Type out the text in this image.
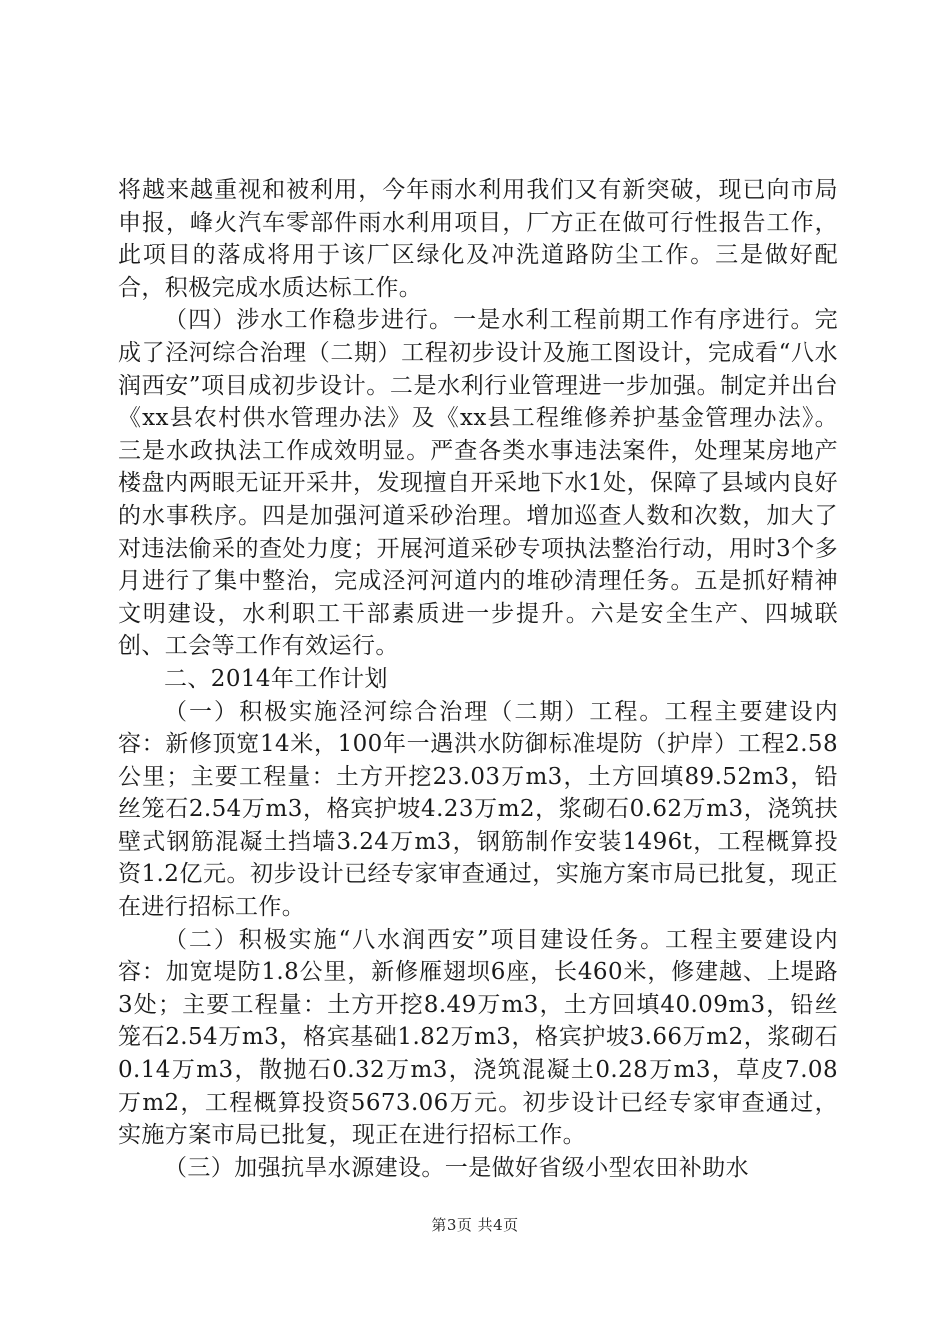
将越来越重视和被利用，今年雨水利用我们又有新突破，现已向市局申报，峰火汽车零部件雨水利用项目，厂方正在做可行性报告工作，此项目的落成将用于该厂区绿化及冲洗道路防尘工作。三是做好配合，积极完成水质达标工作。

（四）涉水工作稳步进行。一是水利工程前期工作有序进行。完成了泾河综合治理（二期）工程初步设计及施工图设计，完成看“八水润西安”项目成初步设计。二是水利行业管理进一步加强。制定并出台《xx县农村供水管理办法》及《xx县工程维修养护基金管理办法》。三是水政执法工作成效明显。严查各类水事违法案件，处理某房地产楼盘内两眼无证开采井，发现擅自开采地下水1处，保障了县域内良好的水事秩序。四是加强河道采砂治理。增加巡查人数和次数，加大了对违法偷采的查处力度；开展河道采砂专项执法整治行动，用时3个多月进行了集中整治，完成泾河河道内的堆砂清理任务。五是抓好精神文明建设，水利职工干部素质进一步提升。六是安全生产、四城联创、工会等工作有效运行。

二、2014年工作计划

（一）积极实施泾河综合治理（二期）工程。工程主要建设内容：新修顶宽14米，100年一遇洪水防御标准堤防（护岸）工程2.58公里；主要工程量：土方开挖23.03万m3，土方回填89.52m3，铅丝笼石2.54万m3，格宾护坡4.23万m2，浆砌石0.62万m3，浇筑扶壁式钢筋混凝土挡墙3.24万m3，钢筋制作安装1496t，工程概算投资1.2亿元。初步设计已经专家审查通过，实施方案市局已批复，现正在进行招标工作。

（二）积极实施“八水润西安”项目建设任务。工程主要建设内容：加宽堤防1.8公里，新修雁翅坝6座，长460米，修建越、上堤路3处；主要工程量：土方开挖8.49万m3，土方回填40.09m3，铅丝笼石2.54万m3，格宾基础1.82万m3，格宾护坡3.66万m2，浆砌石0.14万m3，散抛石0.32万m3，浇筑混凝土0.28万m3，草皮7.08万m2，工程概算投资5673.06万元。初步设计已经专家审查通过，实施方案市局已批复，现正在进行招标工作。

（三）加强抗旱水源建设。一是做好省级小型农田补助水

第3页 共4页
